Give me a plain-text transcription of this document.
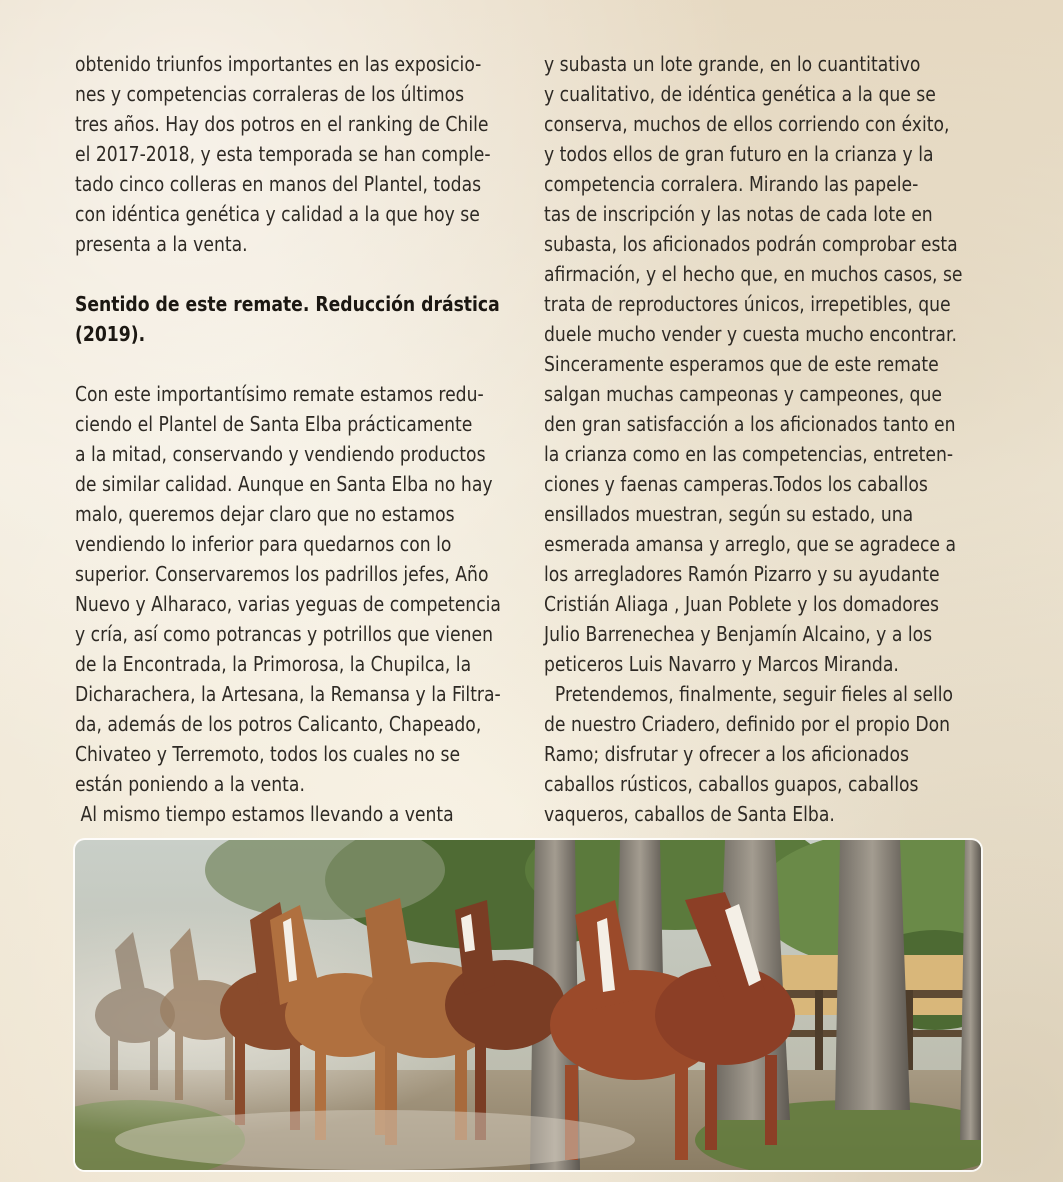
obtenido triunfos importantes en las exposicio-
nes y competencias corraleras de los últimos
tres años. Hay dos potros en el ranking de Chile
el 2017-2018, y esta temporada se han comple-
tado cinco colleras en manos del Plantel, todas
con idéntica genética y calidad a la que hoy se
presenta a la venta.
Sentido de este remate. Reducción drástica
(2019).
Con este importantísimo remate estamos redu-
ciendo el Plantel de Santa Elba prácticamente
a la mitad, conservando y vendiendo productos
de similar calidad. Aunque en Santa Elba no hay
malo, queremos dejar claro que no estamos
vendiendo lo inferior para quedarnos con lo
superior. Conservaremos los padrillos jefes, Año
Nuevo y Alharaco, varias yeguas de competencia
y cría, así como potrancas y potrillos que vienen
de la Encontrada, la Primorosa, la Chupilca, la
Dicharachera, la Artesana, la Remansa y la Filtra-
da, además de los potros Calicanto, Chapeado,
Chivateo y Terremoto, todos los cuales no se
están poniendo a la venta.
Al mismo tiempo estamos llevando a venta
y subasta un lote grande, en lo cuantitativo
y cualitativo, de idéntica genética a la que se
conserva, muchos de ellos corriendo con éxito,
y todos ellos de gran futuro en la crianza y la
competencia corralera. Mirando las papele-
tas de inscripción y las notas de cada lote en
subasta, los aficionados podrán comprobar esta
afirmación, y el hecho que, en muchos casos, se
trata de reproductores únicos, irrepetibles, que
duele mucho vender y cuesta mucho encontrar.
Sinceramente esperamos que de este remate
salgan muchas campeonas y campeones, que
den gran satisfacción a los aficionados tanto en
la crianza como en las competencias, entreten-
ciones y faenas camperas.Todos los caballos
ensillados muestran, según su estado, una
esmerada amansa y arreglo, que se agradece a
los arregladores Ramón Pizarro y su ayudante
Cristián Aliaga , Juan Poblete y los domadores
Julio Barrenechea y Benjamín Alcaino, y a los
peticeros Luis Navarro y Marcos Miranda.
Pretendemos, finalmente, seguir fieles al sello
de nuestro Criadero, definido por el propio Don
Ramo; disfrutar y ofrecer a los aficionados
caballos rústicos, caballos guapos, caballos
vaqueros, caballos de Santa Elba.
